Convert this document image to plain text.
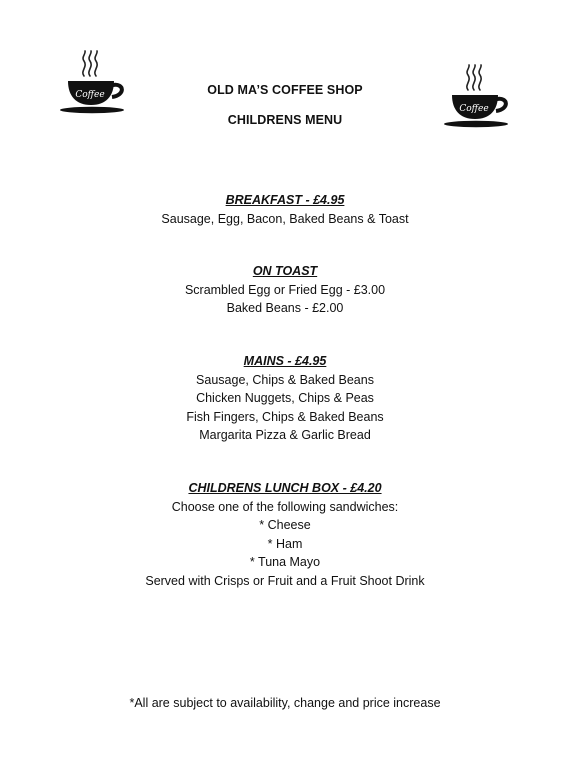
Coffee
Coffee
OLD MA’S COFFEE SHOP
CHILDRENS MENU
BREAKFAST - £4.95
Sausage, Egg, Bacon, Baked Beans & Toast
ON TOAST
Scrambled Egg or Fried Egg - £3.00
Baked Beans - £2.00
MAINS - £4.95
Sausage, Chips & Baked Beans
Chicken Nuggets, Chips & Peas
Fish Fingers, Chips & Baked Beans
Margarita Pizza & Garlic Bread
CHILDRENS LUNCH BOX - £4.20
Choose one of the following sandwiches:
* Cheese
* Ham
* Tuna Mayo
Served with Crisps or Fruit and a Fruit Shoot Drink
*All are subject to availability, change and price increase
